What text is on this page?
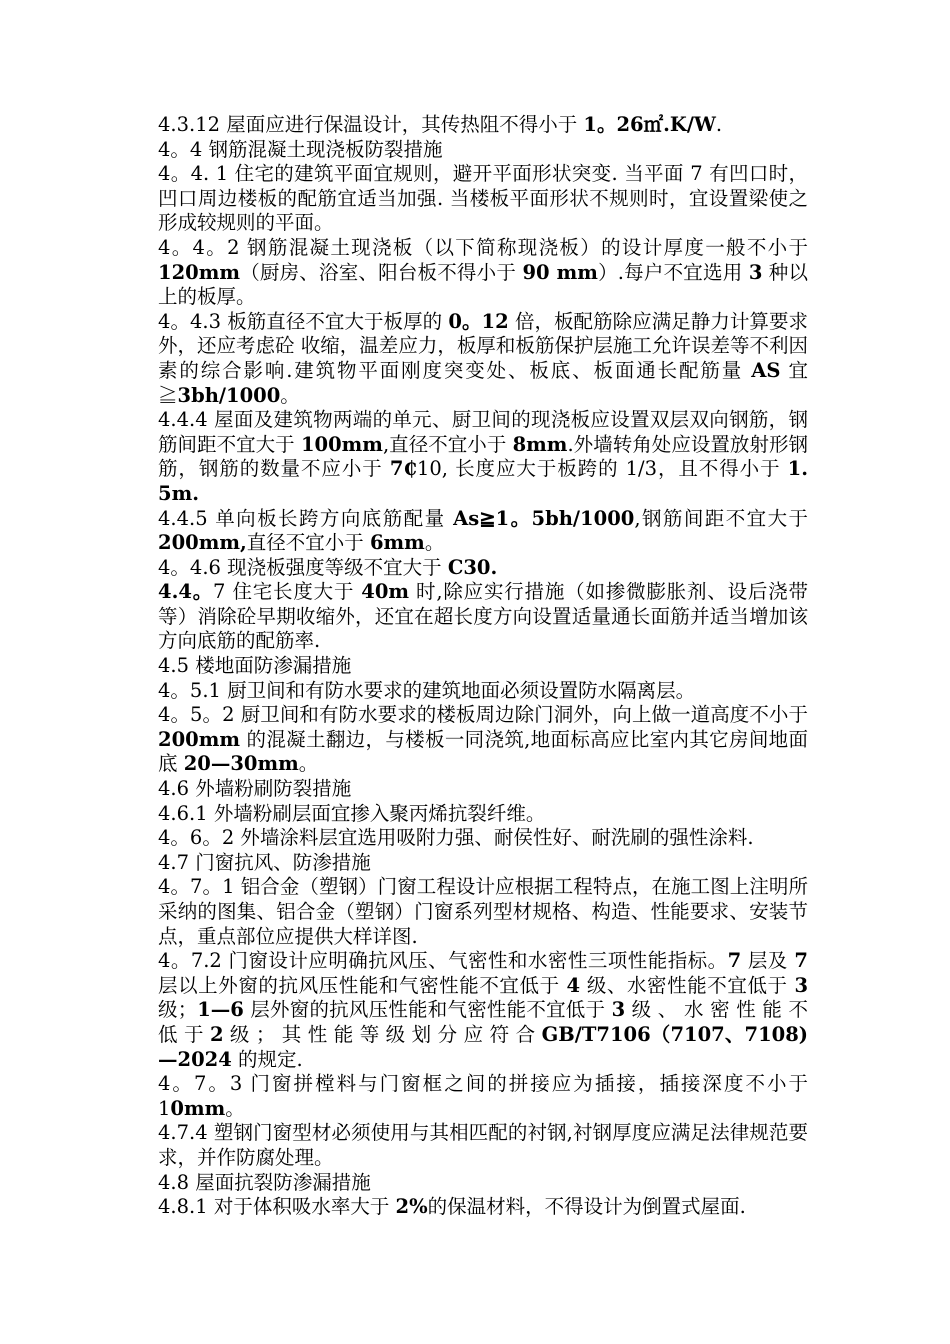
4.3.12 屋面应进行保温设计，其传热阻不得小于 1。26㎡.K/W.

4。4 钢筋混凝土现浇板防裂措施

4。4. 1 住宅的建筑平面宜规则，避开平面形状突变. 当平面 7 有凹口时，凹口周边楼板的配筋宜适当加强. 当楼板平面形状不规则时，宜设置梁使之形成较规则的平面。

4。4。2 钢筋混凝土现浇板（以下简称现浇板）的设计厚度一般不小于 120mm（厨房、浴室、阳台板不得小于 90 mm）.每户不宜选用 3 种以上的板厚。

4。4.3 板筋直径不宜大于板厚的 0。12 倍，板配筋除应满足静力计算要求外，还应考虑砼 收缩，温差应力，板厚和板筋保护层施工允许误差等不利因素的综合影响.建筑物平面刚度突变处、板底、板面通长配筋量 AS 宜≧3bh/1000。

4.4.4 屋面及建筑物两端的单元、厨卫间的现浇板应设置双层双向钢筋，钢筋间距不宜大于 100mm,直径不宜小于 8mm.外墙转角处应设置放射形钢筋，钢筋的数量不应小于 7₵10, 长度应大于板跨的 1/3，且不得小于 1. 5m.

4.4.5 单向板长跨方向底筋配量 As≧1。5bh/1000,钢筋间距不宜大于 200mm,直径不宜小于 6mm。

4。4.6 现浇板强度等级不宜大于 C30.

4.4。7 住宅长度大于 40m 时,除应实行措施（如掺微膨胀剂、设后浇带等）消除砼早期收缩外，还宜在超长度方向设置适量通长面筋并适当增加该方向底筋的配筋率.

4.5 楼地面防渗漏措施

4。5.1 厨卫间和有防水要求的建筑地面必须设置防水隔离层。

4。5。2 厨卫间和有防水要求的楼板周边除门洞外，向上做一道高度不小于 200mm 的混凝土翻边，与楼板一同浇筑,地面标高应比室内其它房间地面底 20—30mm。

4.6 外墙粉刷防裂措施

4.6.1 外墙粉刷层面宜掺入聚丙烯抗裂纤维。

4。6。2 外墙涂料层宜选用吸附力强、耐侯性好、耐洗刷的强性涂料.

4.7 门窗抗风、防渗措施

4。7。1 铝合金（塑钢）门窗工程设计应根据工程特点，在施工图上注明所采纳的图集、铝合金（塑钢）门窗系列型材规格、构造、性能要求、安装节点，重点部位应提供大样详图.

4。7.2 门窗设计应明确抗风压、气密性和水密性三项性能指标。7 层及 7 层以上外窗的抗风压性能和气密性能不宜低于 4 级、水密性能不宜低于 3 级；1—6 层外窗的抗风压性能和气密性能不宜低于 3 级 、 水 密 性 能 不 低 于 2 级 ； 其 性 能 等 级 划 分 应 符 合 GB/T7106（7107、7108)—2024 的规定.

4。7。3 门窗拼樘料与门窗框之间的拼接应为插接，插接深度不小于 10mm。

4.7.4 塑钢门窗型材必须使用与其相匹配的衬钢,衬钢厚度应满足法律规范要求，并作防腐处理。

4.8 屋面抗裂防渗漏措施

4.8.1 对于体积吸水率大于 2%的保温材料，不得设计为倒置式屋面.
